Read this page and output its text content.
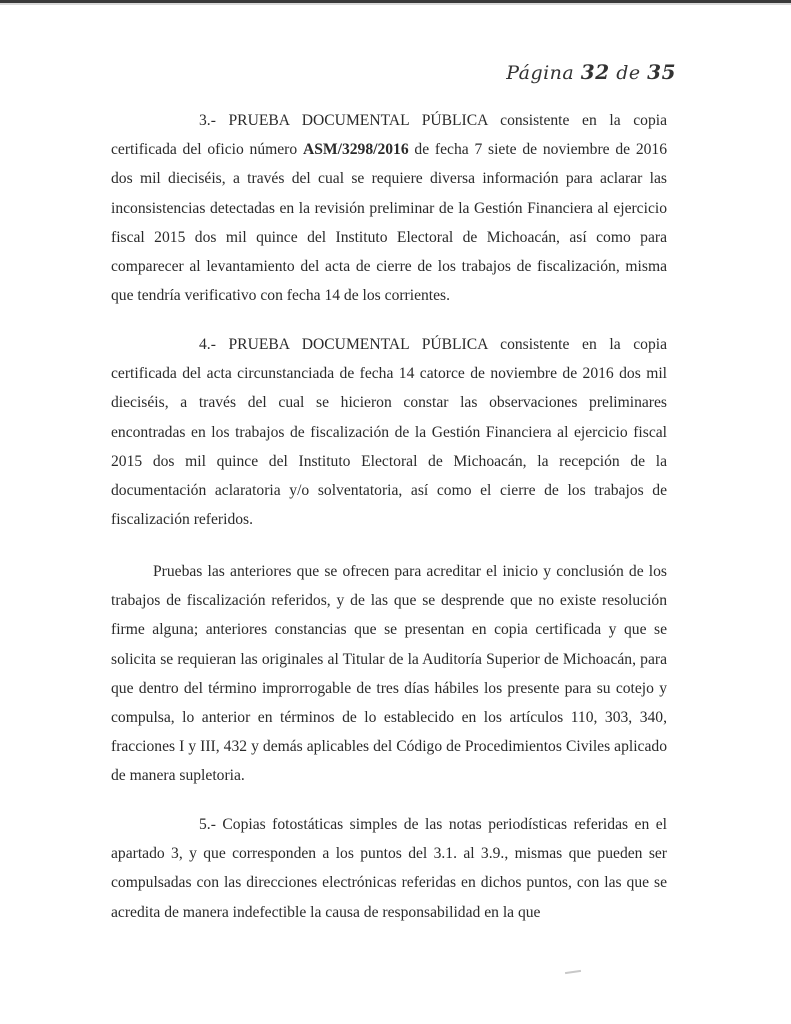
Página 32 de 35

3.- PRUEBA DOCUMENTAL PÚBLICA consistente en la copia certificada del oficio número ASM/3298/2016 de fecha 7 siete de noviembre de 2016 dos mil dieciséis, a través del cual se requiere diversa información para aclarar las inconsistencias detectadas en la revisión preliminar de la Gestión Financiera al ejercicio fiscal 2015 dos mil quince del Instituto Electoral de Michoacán, así como para comparecer al levantamiento del acta de cierre de los trabajos de fiscalización, misma que tendría verificativo con fecha 14 de los corrientes.

4.- PRUEBA DOCUMENTAL PÚBLICA consistente en la copia certificada del acta circunstanciada de fecha 14 catorce de noviembre de 2016 dos mil dieciséis, a través del cual se hicieron constar las observaciones preliminares encontradas en los trabajos de fiscalización de la Gestión Financiera al ejercicio fiscal 2015 dos mil quince del Instituto Electoral de Michoacán, la recepción de la documentación aclaratoria y/o solventatoria, así como el cierre de los trabajos de fiscalización referidos.

Pruebas las anteriores que se ofrecen para acreditar el inicio y conclusión de los trabajos de fiscalización referidos, y de las que se desprende que no existe resolución firme alguna; anteriores constancias que se presentan en copia certificada y que se solicita se requieran las originales al Titular de la Auditoría Superior de Michoacán, para que dentro del término improrrogable de tres días hábiles los presente para su cotejo y compulsa, lo anterior en términos de lo establecido en los artículos 110, 303, 340, fracciones I y III, 432 y demás aplicables del Código de Procedimientos Civiles aplicado de manera supletoria.

5.- Copias fotostáticas simples de las notas periodísticas referidas en el apartado 3, y que corresponden a los puntos del 3.1. al 3.9., mismas que pueden ser compulsadas con las direcciones electrónicas referidas en dichos puntos, con las que se acredita de manera indefectible la causa de responsabilidad en la que
